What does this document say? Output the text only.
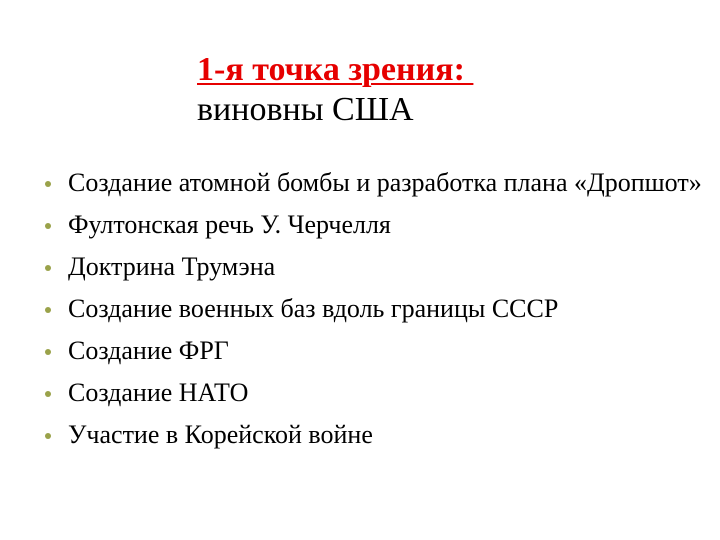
1-я точка зрения:
виновны США
Создание атомной бомбы и разработка плана «Дропшот»
Фултонская речь У. Черчелля
Доктрина Трумэна
Создание военных баз вдоль границы СССР
Создание ФРГ
Создание НАТО
Участие в Корейской войне
